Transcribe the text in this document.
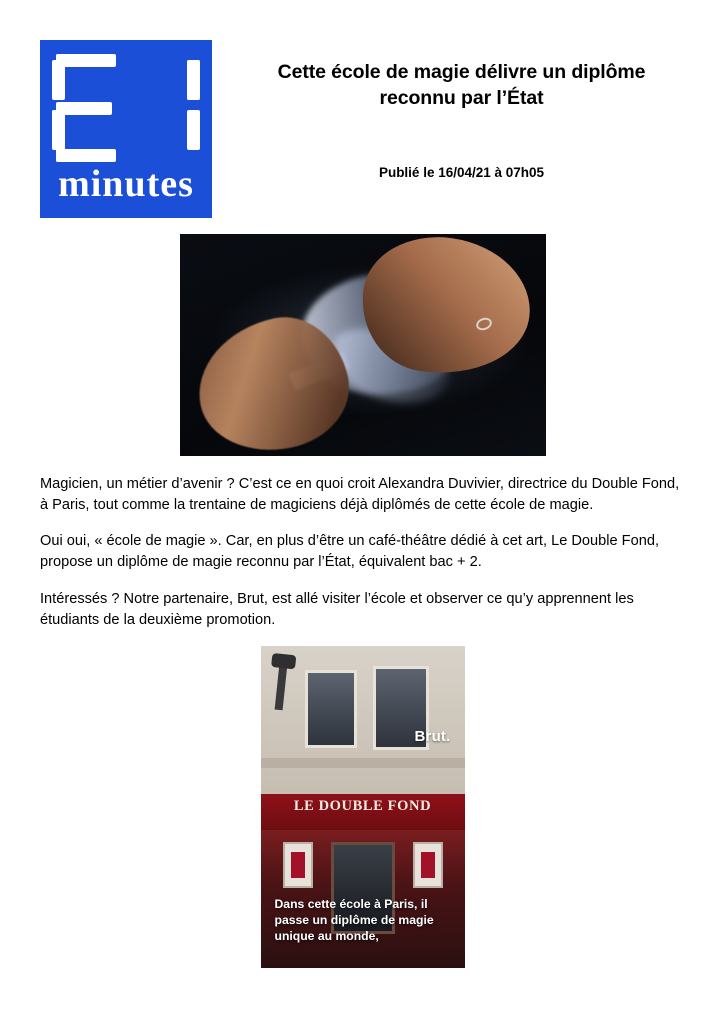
minutes
Cette école de magie délivre un diplôme reconnu par l’État
Publié le 16/04/21 à 07h05

Magicien, un métier d’avenir ? C’est ce en quoi croit Alexandra Duvivier, directrice du Double Fond, à Paris, tout comme la trentaine de magiciens déjà diplômés de cette école de magie.

Oui oui, « école de magie ». Car, en plus d’être un café-théâtre dédié à cet art, Le Double Fond, propose un diplôme de magie reconnu par l’État, équivalent bac + 2.

Intéressés ? Notre partenaire, Brut, est allé visiter l’école et observer ce qu’y apprennent les étudiants de la deuxième promotion.

Brut.
LE DOUBLE FOND
Dans cette école à Paris, il passe un diplôme de magie unique au monde,
